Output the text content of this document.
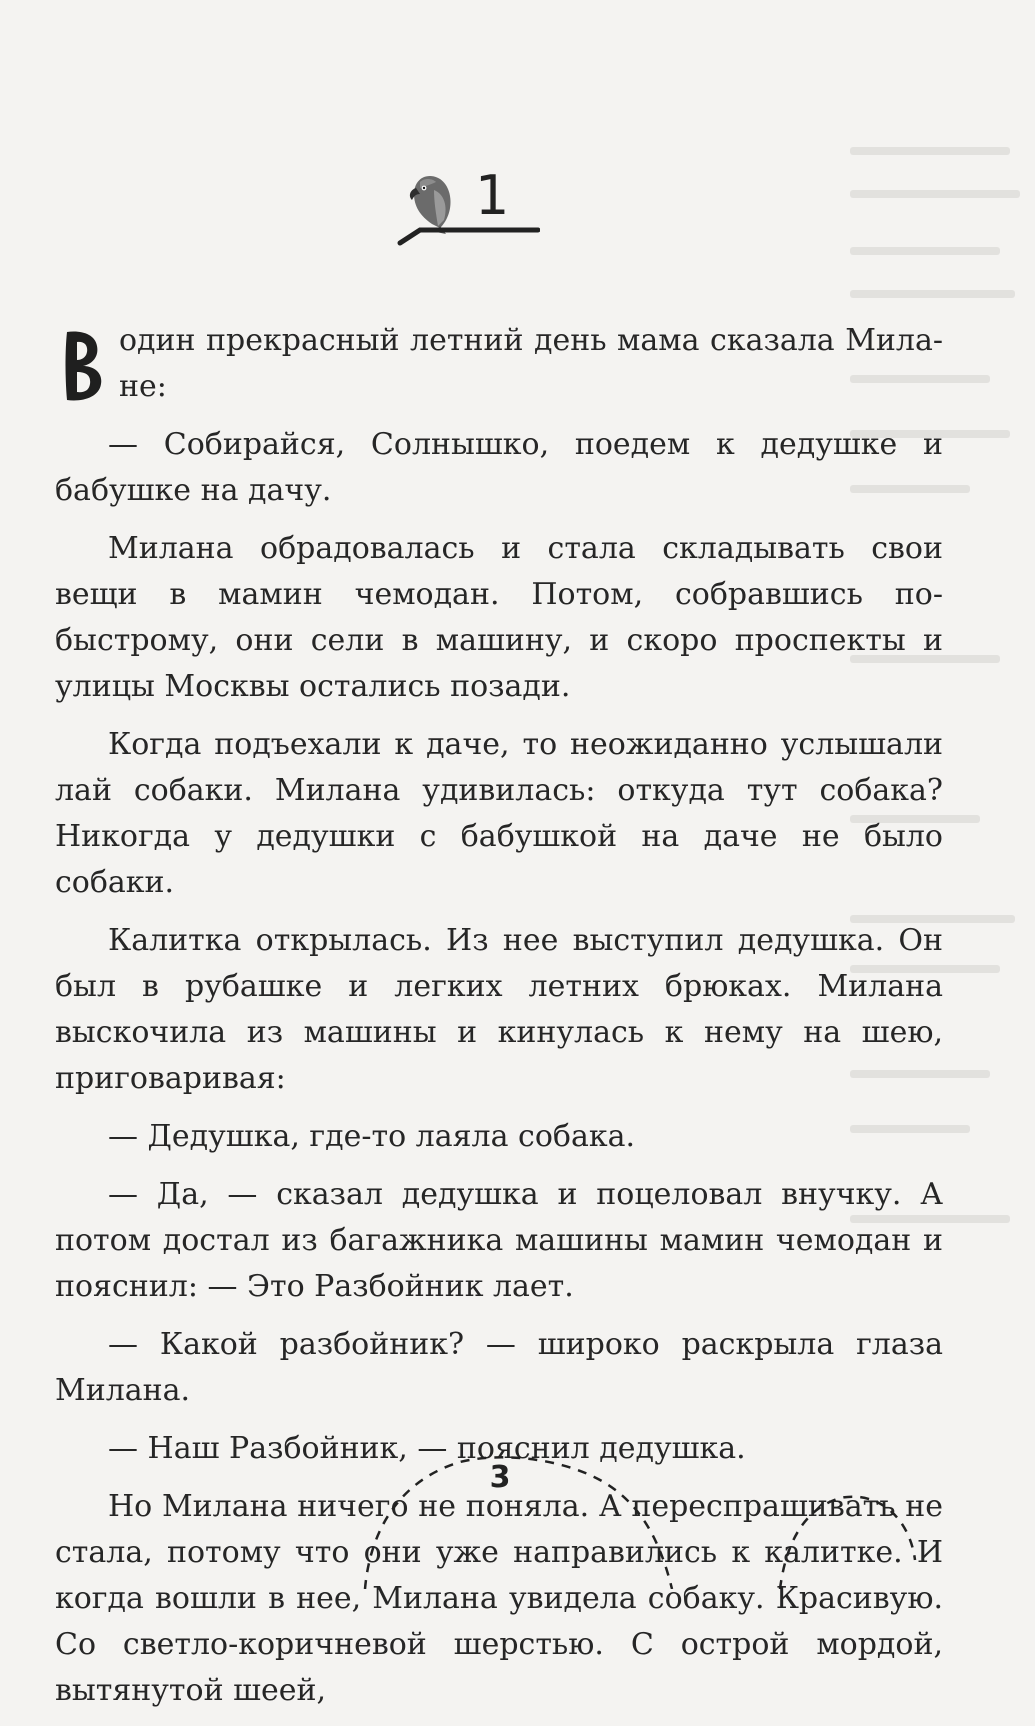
1

один прекрасный летний день мама сказала Милане:

— Собирайся, Солнышко, поедем к дедушке и бабушке на дачу.

Милана обрадовалась и стала складывать свои вещи в мамин чемодан. Потом, собравшись по-быстрому, они сели в машину, и скоро проспекты и улицы Москвы остались позади.

Когда подъехали к даче, то неожиданно услышали лай собаки. Милана удивилась: откуда тут собака? Никогда у дедушки с бабушкой на даче не было собаки.

Калитка открылась. Из нее выступил дедушка. Он был в рубашке и легких летних брюках. Милана выскочила из машины и кинулась к нему на шею, приговаривая:

— Дедушка, где-то лаяла собака.

— Да, — сказал дедушка и поцеловал внучку. А потом достал из багажника машины мамин чемодан и пояснил: — Это Разбойник лает.

— Какой разбойник? — широко раскрыла глаза Милана.

— Наш Разбойник, — пояснил дедушка.

Но Милана ничего не поняла. А переспрашивать не стала, потому что они уже направились к калитке. И когда вошли в нее, Милана увидела собаку. Красивую. Со светло-коричневой шерстью. С острой мордой, вытянутой шеей,

3
